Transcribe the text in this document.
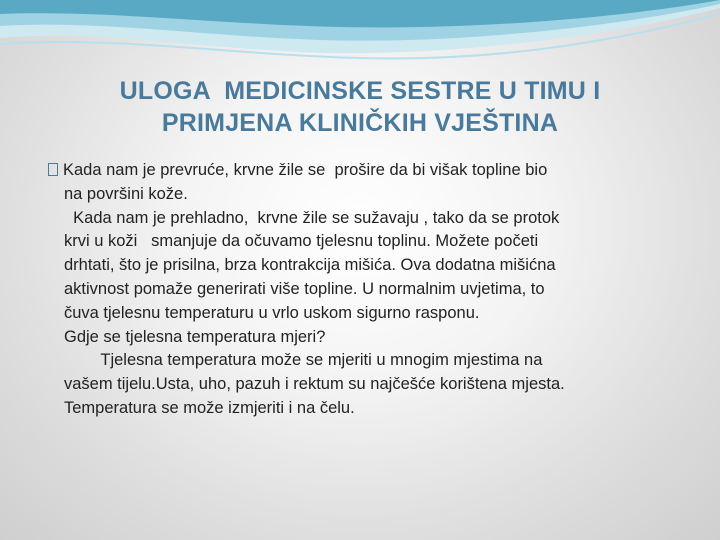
ULOGA  MEDICINSKE SESTRE U TIMU I
PRIMJENA KLINIČKIH VJEŠTINA
Kada nam je prevruće, krvne žile se  prošire da bi višak topline bio
na površini kože.
Kada nam je prehladno,  krvne žile se sužavaju , tako da se protok
krvi u koži   smanjuje da očuvamo tjelesnu toplinu. Možete početi
drhtati, što je prisilna, brza kontrakcija mišića. Ova dodatna mišićna
aktivnost pomaže generirati više topline. U normalnim uvjetima, to
čuva tjelesnu temperaturu u vrlo uskom sigurno rasponu.
Gdje se tjelesna temperatura mjeri?
Tjelesna temperatura može se mjeriti u mnogim mjestima na
vašem tijelu.Usta, uho, pazuh i rektum su najčešće korištena mjesta.
Temperatura se može izmjeriti i na čelu.
